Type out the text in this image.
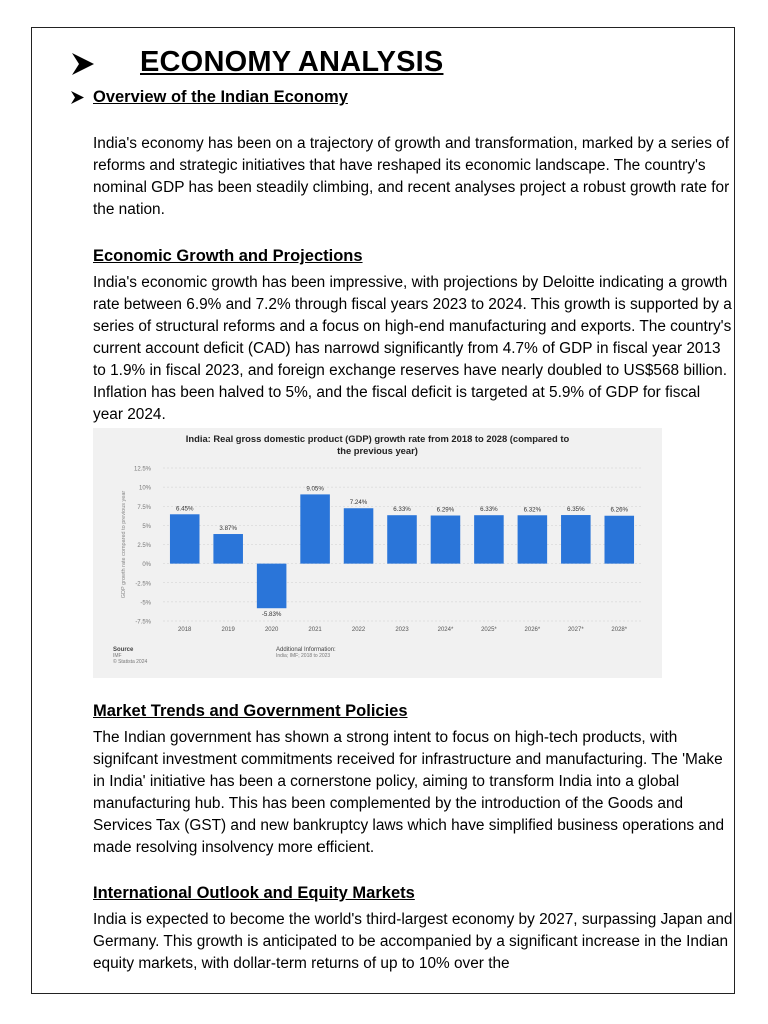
ECONOMY ANALYSIS
Overview of the Indian Economy

India's economy has been on a trajectory of growth and transformation, marked by a series of reforms and strategic initiatives that have reshaped its economic landscape. The country's nominal GDP has been steadily climbing, and recent analyses project a robust growth rate for the nation.

Economic Growth and Projections

India's economic growth has been impressive, with projections by Deloitte indicating a growth rate between 6.9% and 7.2% through fiscal years 2023 to 2024. This growth is supported by a series of structural reforms and a focus on high-end manufacturing and exports. The country's current account deficit (CAD) has narrowd significantly from 4.7% of GDP in fiscal year 2013 to 1.9% in fiscal 2023, and foreign exchange reserves have nearly doubled to US$568 billion. Inflation has been halved to 5%, and the fiscal deficit is targeted at 5.9% of GDP for fiscal year 2024.

India: Real gross domestic product (GDP) growth rate from 2018 to 2028 (compared to
the previous year)
12.5%
10%
7.5%
5%
2.5%
0%
-2.5%
-5%
-7.5%
GDP growth rate compared to previous year	6.45%
2018
3.87%
2019
-5.83%
2020
9.05%
2021
7.24%
2022
6.33%
2023
6.29%
2024*
6.33%
2025*
6.32%
2026*
6.35%
2027*
6.26%
2028*
Source
IMF
© Statista 2024
Additional Information:
India; IMF; 2018 to 2023
Market Trends and Government Policies

The Indian government has shown a strong intent to focus on high-tech products, with signifcant investment commitments received for infrastructure and manufacturing. The 'Make in India' initiative has been a cornerstone policy, aiming to transform India into a global manufacturing hub. This has been complemented by the introduction of the Goods and Services Tax (GST) and new bankruptcy laws which have simplified business operations and made resolving insolvency more efficient.

International Outlook and Equity Markets

India is expected to become the world's third-largest economy by 2027, surpassing Japan and Germany. This growth is anticipated to be accompanied by a significant increase in the Indian equity markets, with dollar-term returns of up to 10% over the
